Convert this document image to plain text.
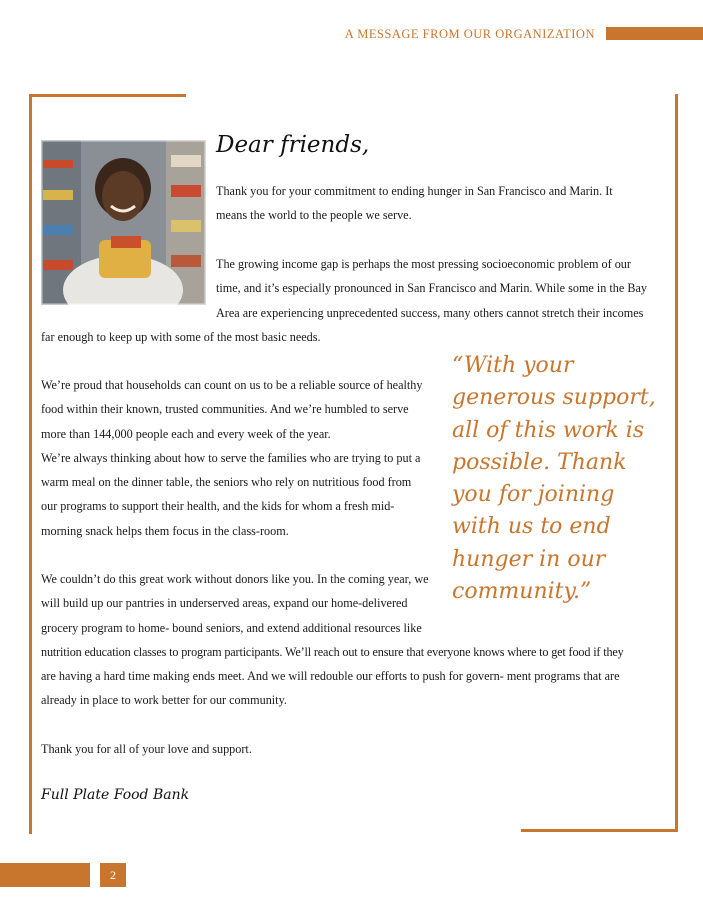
A MESSAGE FROM OUR ORGANIZATION
Dear friends,
Thank you for your commitment to ending hunger in San Francisco and Marin. It
means the world to the people we serve.
The growing income gap is perhaps the most pressing socioeconomic problem of our
time, and it’s especially pronounced in San Francisco and Marin. While some in the Bay
Area are experiencing unprecedented success, many others cannot stretch their incomes
far enough to keep up with some of the most basic needs.
We’re proud that households can count on us to be a reliable source of healthy
food within their known, trusted communities. And we’re humbled to serve
more than 144,000 people each and every week of the year.
We’re always thinking about how to serve the families who are trying to put a
warm meal on the dinner table, the seniors who rely on nutritious food from
our programs to support their health, and the kids for whom a fresh mid-
morning snack helps them focus in the class-room.
We couldn’t do this great work without donors like you. In the coming year, we
will build up our pantries in underserved areas, expand our home-delivered
grocery program to home- bound seniors, and extend additional resources like
nutrition education classes to program participants. We’ll reach out to ensure that everyone knows where to get food if they
are having a hard time making ends meet. And we will redouble our efforts to push for govern- ment programs that are
already in place to work better for our community.
Thank you for all of your love and support.
“With your
generous support,
all of this work is
possible. Thank
you for joining
with us to end
hunger in our
community.”
Full Plate Food Bank
2
